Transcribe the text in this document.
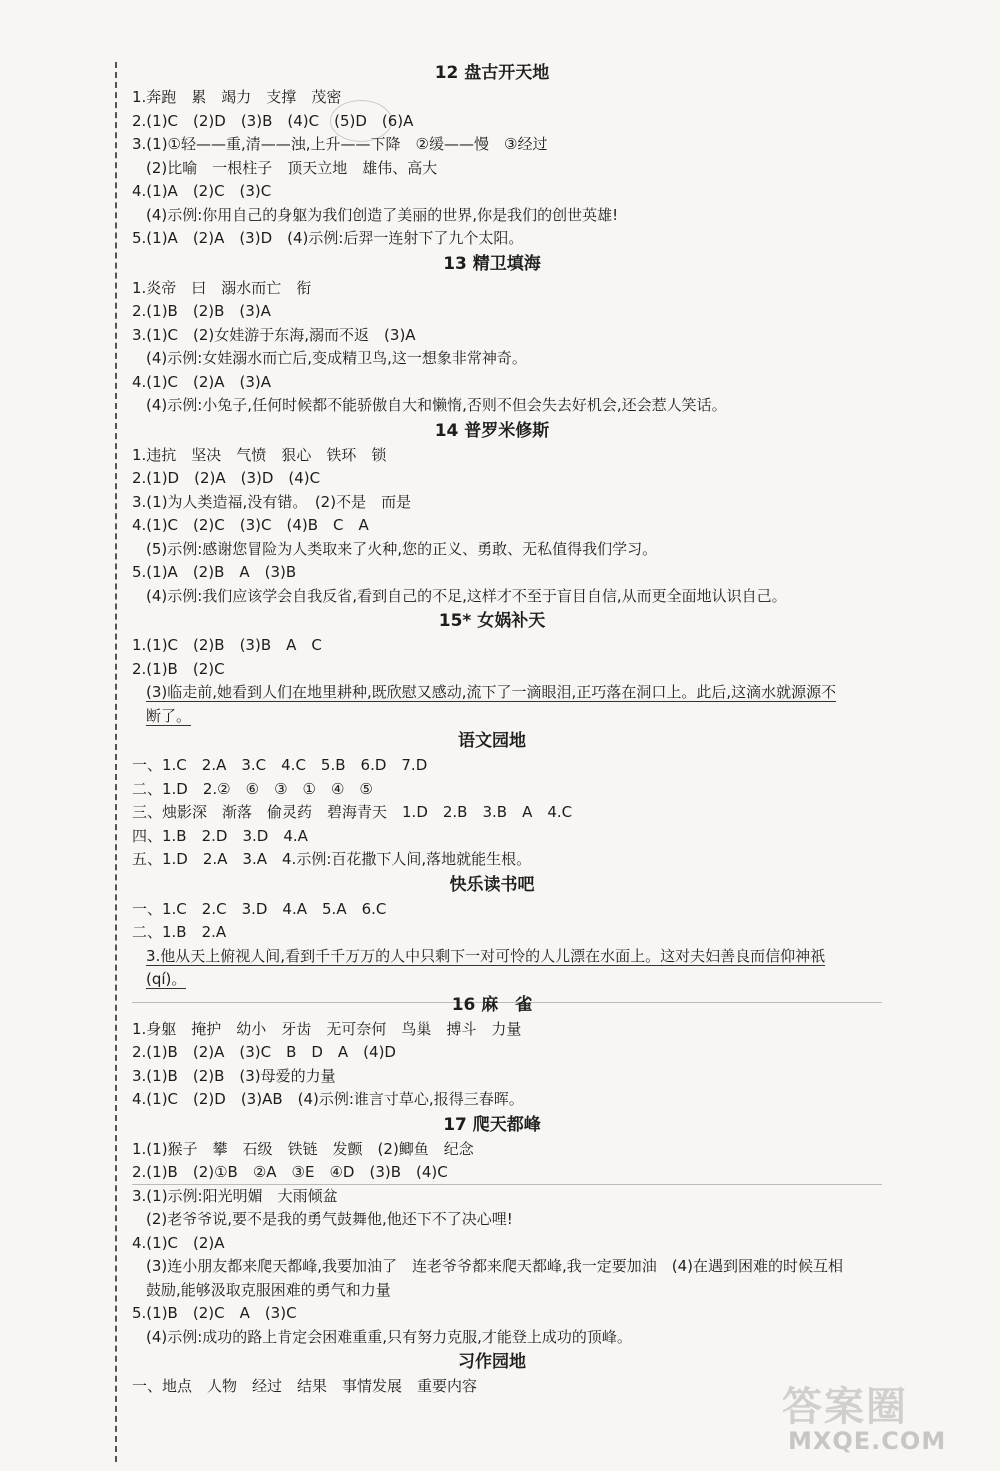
12 盘古开天地
1.奔跑　累　竭力　支撑　茂密
2.(1)C　(2)D　(3)B　(4)C　(5)D　(6)A
3.(1)①轻——重,清——浊,上升——下降　②缓——慢　③经过
(2)比喻　一根柱子　顶天立地　雄伟、高大
4.(1)A　(2)C　(3)C
(4)示例:你用自己的身躯为我们创造了美丽的世界,你是我们的创世英雄!
5.(1)A　(2)A　(3)D　(4)示例:后羿一连射下了九个太阳。
13 精卫填海
1.炎帝　曰　溺水而亡　衔
2.(1)B　(2)B　(3)A
3.(1)C　(2)女娃游于东海,溺而不返　(3)A
(4)示例:女娃溺水而亡后,变成精卫鸟,这一想象非常神奇。
4.(1)C　(2)A　(3)A
(4)示例:小兔子,任何时候都不能骄傲自大和懒惰,否则不但会失去好机会,还会惹人笑话。
14 普罗米修斯
1.违抗　坚决　气愤　狠心　铁环　锁
2.(1)D　(2)A　(3)D　(4)C
3.(1)为人类造福,没有错。　(2)不是　而是
4.(1)C　(2)C　(3)C　(4)B　C　A
(5)示例:感谢您冒险为人类取来了火种,您的正义、勇敢、无私值得我们学习。
5.(1)A　(2)B　A　(3)B
(4)示例:我们应该学会自我反省,看到自己的不足,这样才不至于盲目自信,从而更全面地认识自己。
15* 女娲补天
1.(1)C　(2)B　(3)B　A　C
2.(1)B　(2)C
(3)临走前,她看到人们在地里耕种,既欣慰又感动,流下了一滴眼泪,正巧落在洞口上。此后,这滴水就源源不断了。
语文园地
一、1.C　2.A　3.C　4.C　5.B　6.D　7.D
二、1.D　2.②　⑥　③　①　④　⑤
三、烛影深　渐落　偷灵药　碧海青天　1.D　2.B　3.B　A　4.C
四、1.B　2.D　3.D　4.A
五、1.D　2.A　3.A　4.示例:百花撒下人间,落地就能生根。
快乐读书吧
一、1.C　2.C　3.D　4.A　5.A　6.C
二、1.B　2.A
3.他从天上俯视人间,看到千千万万的人中只剩下一对可怜的人儿漂在水面上。这对夫妇善良而信仰神祇(qí)。
16 麻　雀
1.身躯　掩护　幼小　牙齿　无可奈何　鸟巢　搏斗　力量
2.(1)B　(2)A　(3)C　B　D　A　(4)D
3.(1)B　(2)B　(3)母爱的力量
4.(1)C　(2)D　(3)AB　(4)示例:谁言寸草心,报得三春晖。
17 爬天都峰
1.(1)猴子　攀　石级　铁链　发颤　(2)鲫鱼　纪念
2.(1)B　(2)①B　②A　③E　④D　(3)B　(4)C
3.(1)示例:阳光明媚　大雨倾盆
(2)老爷爷说,要不是我的勇气鼓舞他,他还下不了决心哩!
4.(1)C　(2)A
(3)连小朋友都来爬天都峰,我要加油了　连老爷爷都来爬天都峰,我一定要加油　(4)在遇到困难的时候互相鼓励,能够汲取克服困难的勇气和力量
5.(1)B　(2)C　A　(3)C
(4)示例:成功的路上肯定会困难重重,只有努力克服,才能登上成功的顶峰。
习作园地
一、地点　人物　经过　结果　事情发展　重要内容	答案圈
MXQE.COM
